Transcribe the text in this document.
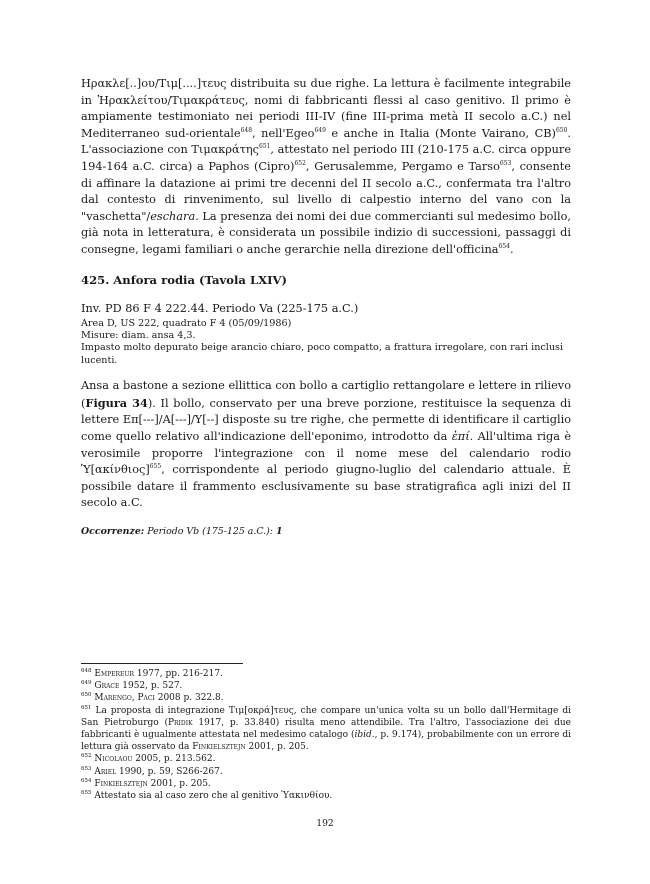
Ηρακλε[..]ου/Τιμ[....]τευς distribuita su due righe. La lettura è facilmente integrabile in Ἡρακλείτου/Τιμακράτευς, nomi di fabbricanti flessi al caso genitivo. Il primo è ampiamente testimoniato nei periodi III-IV (fine III-prima metà II secolo a.C.) nel Mediterraneo sud-orientale$^{648}$, nell'Egeo$^{649}$ e anche in Italia (Monte Vairano, CB)$^{650}$. L'associazione con Τιμακράτης$^{651}$, attestato nel periodo III (210-175 a.C. circa oppure 194-164 a.C. circa) a Paphos (Cipro)$^{652}$, Gerusalemme, Pergamo e Tarso$^{653}$, consente di affinare la datazione ai primi tre decenni del II secolo a.C., confermata tra l'altro dal contesto di rinvenimento, sul livello di calpestio interno del vano con la "vaschetta"/eschara. La presenza dei nomi dei due commercianti sul medesimo bollo, già nota in letteratura, è considerata un possibile indizio di successioni, passaggi di consegne, legami familiari o anche gerarchie nella direzione dell'officina$^{654}$.

425. Anfora rodia (Tavola LXIV)

Inv. PD 86 F 4 222.44. Periodo Va (225-175 a.C.)

Area D, US 222, quadrato F 4 (05/09/1986)

Misure: diam. ansa 4,3.

Impasto molto depurato beige arancio chiaro, poco compatto, a frattura irregolare, con rari inclusi lucenti.

Ansa a bastone a sezione ellittica con bollo a cartiglio rettangolare e lettere in rilievo (Figura 34). Il bollo, conservato per una breve porzione, restituisce la sequenza di lettere Επ[---]/Α[---]/Υ[--] disposte su tre righe, che permette di identificare il cartiglio come quello relativo all'indicazione dell'eponimo, introdotto da ἐπί. All'ultima riga è verosimile proporre l'integrazione con il nome mese del calendario rodio $Ὑ[\alpha\kappa ί\nu\theta\iota o\varsigma]^{655}$, corrispondente al periodo giugno-luglio del calendario attuale. È possibile datare il frammento esclusivamente su base stratigrafica agli inizi del II secolo a.C.

Occorrenze: Periodo Vb (175-125 a.C.): 1

$^{648}$ Empereur 1977, pp. 216-217.
$^{649}$ Grace 1952, p. 527.
$^{650}$ Marengo, Paci 2008 p. 322.8.
$^{651}$ La proposta di integrazione Τιμ[οκρά]τευς, che compare un'unica volta su un bollo dall'Hermitage di San Pietroburgo (Pridik 1917, p. 33.840) risulta meno attendibile. Tra l'altro, l'associazione dei due fabbricanti è ugualmente attestata nel medesimo catalogo (ibid., p. 9.174), probabilmente con un errore di lettura già osservato da Finkielsztejn 2001, p. 205.
$^{652}$ Nicolaou 2005, p. 213.562.
$^{653}$ Ariel 1990, p. 59, S266-267.
$^{654}$ Finkielsztejn 2001, p. 205.
$^{655}$ Attestato sia al caso zero che al genitivo Ὑακινθίου.
192
